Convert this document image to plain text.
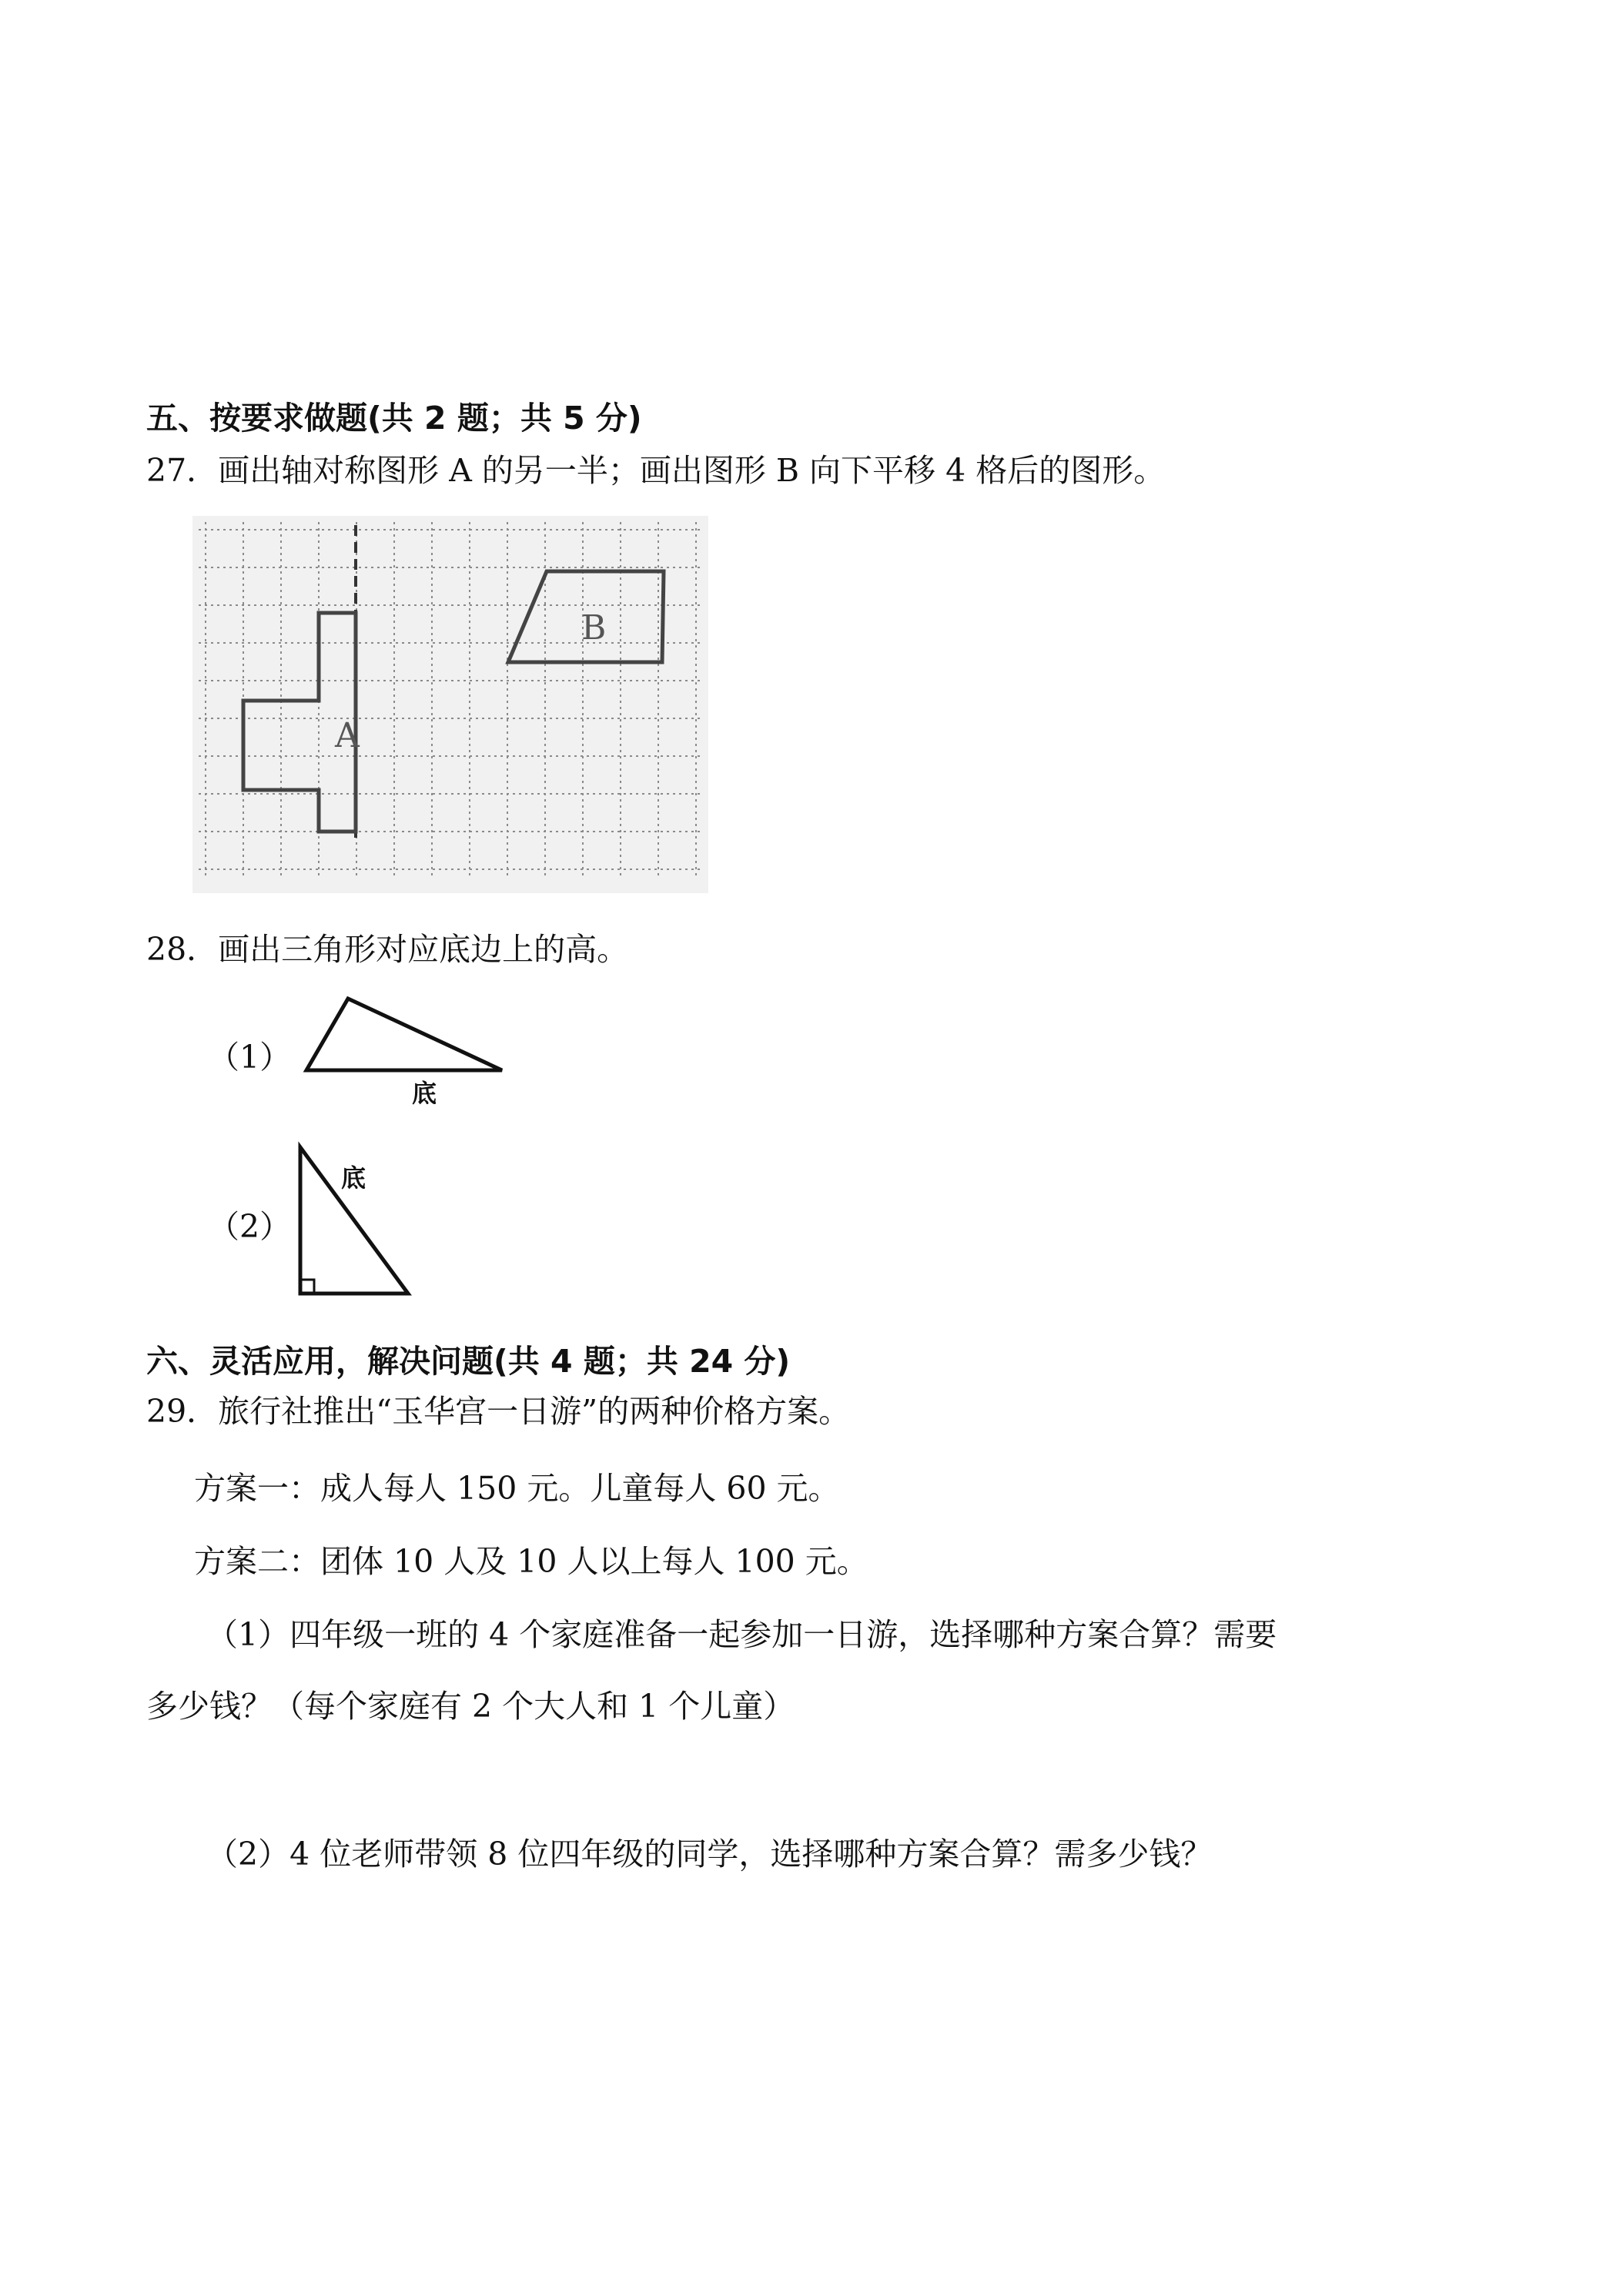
五、按要求做题(共 2 题；共 5 分)
27．画出轴对称图形 A 的另一半；画出图形 B 向下平移 4 格后的图形。
A
B
28．画出三角形对应底边上的高。
（1）
底
（2）
底
六、灵活应用，解决问题(共 4 题；共 24 分)
29．旅行社推出“玉华宫一日游”的两种价格方案。
方案一：成人每人 150 元。儿童每人 60 元。
方案二：团体 10 人及 10 人以上每人 100 元。
（1）四年级一班的 4 个家庭准备一起参加一日游，选择哪种方案合算？需要
多少钱？（每个家庭有 2 个大人和 1 个儿童）
（2）4 位老师带领 8 位四年级的同学，选择哪种方案合算？需多少钱？
